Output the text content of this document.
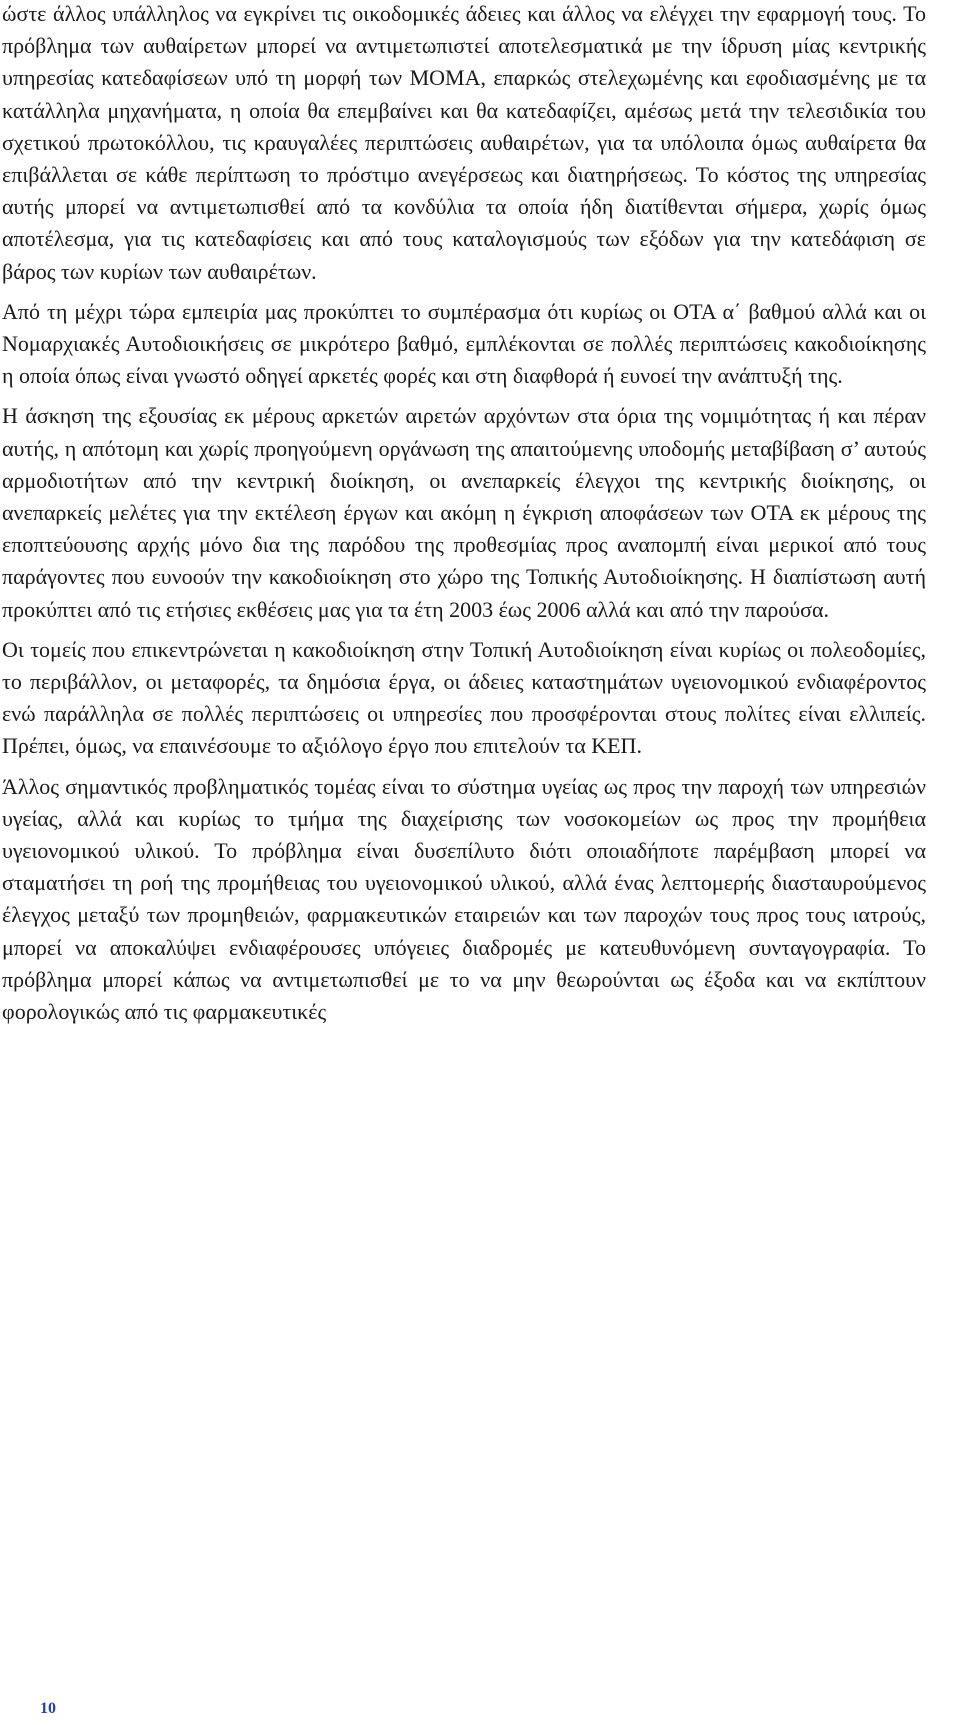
ώστε άλλος υπάλληλος να εγκρίνει τις οικοδομικές άδειες και άλλος να ελέγχει την εφαρμογή τους. Το πρόβλημα των αυθαίρετων μπορεί να αντιμετωπιστεί αποτελεσματικά με την ίδρυση μίας κεντρικής υπηρεσίας κατεδαφίσεων υπό τη μορφή των ΜΟΜΑ, επαρκώς στελεχωμένης και εφοδιασμένης με τα κατάλληλα μηχανήματα, η οποία θα επεμβαίνει και θα κατεδαφίζει, αμέσως μετά την τελεσιδικία του σχετικού πρωτοκόλλου, τις κραυγαλέες περιπτώσεις αυθαιρέτων, για τα υπόλοιπα όμως αυθαίρετα θα επιβάλλεται σε κάθε περίπτωση το πρόστιμο ανεγέρσεως και διατηρήσεως. Το κόστος της υπηρεσίας αυτής μπορεί να αντιμετωπισθεί από τα κονδύλια τα οποία ήδη διατίθενται σήμερα, χωρίς όμως αποτέλεσμα, για τις κατεδαφίσεις και από τους καταλογισμούς των εξόδων για την κατεδάφιση σε βάρος των κυρίων των αυθαιρέτων.

Από τη μέχρι τώρα εμπειρία μας προκύπτει το συμπέρασμα ότι κυρίως οι ΟΤΑ α΄ βαθμού αλλά και οι Νομαρχιακές Αυτοδιοικήσεις σε μικρότερο βαθμό, εμπλέκονται σε πολλές περιπτώσεις κακοδιοίκησης η οποία όπως είναι γνωστό οδηγεί αρκετές φορές και στη διαφθορά ή ευνοεί την ανάπτυξή της.

Η άσκηση της εξουσίας εκ μέρους αρκετών αιρετών αρχόντων στα όρια της νομιμότητας ή και πέραν αυτής, η απότομη και χωρίς προηγούμενη οργάνωση της απαιτούμενης υποδομής μεταβίβαση σ’ αυτούς αρμοδιοτήτων από την κεντρική διοίκηση, οι ανεπαρκείς έλεγχοι της κεντρικής διοίκησης, οι ανεπαρκείς μελέτες για την εκτέλεση έργων και ακόμη η έγκριση αποφάσεων των ΟΤΑ εκ μέρους της εποπτεύουσης αρχής μόνο δια της παρόδου της προθεσμίας προς αναπομπή είναι μερικοί από τους παράγοντες που ευνοούν την κακοδιοίκηση στο χώρο της Τοπικής Αυτοδιοίκησης. Η διαπίστωση αυτή προκύπτει από τις ετήσιες εκθέσεις μας για τα έτη 2003 έως 2006 αλλά και από την παρούσα.

Οι τομείς που επικεντρώνεται η κακοδιοίκηση στην Τοπική Αυτοδιοίκηση είναι κυρίως οι πολεοδομίες, το περιβάλλον, οι μεταφορές, τα δημόσια έργα, οι άδειες καταστημάτων υγειονομικού ενδιαφέροντος ενώ παράλληλα σε πολλές περιπτώσεις οι υπηρεσίες που προσφέρονται στους πολίτες είναι ελλιπείς. Πρέπει, όμως, να επαινέσουμε το αξιόλογο έργο που επιτελούν τα ΚΕΠ.

Άλλος σημαντικός προβληματικός τομέας είναι το σύστημα υγείας ως προς την παροχή των υπηρεσιών υγείας, αλλά και κυρίως το τμήμα της διαχείρισης των νοσοκομείων ως προς την προμήθεια υγειονομικού υλικού. Το πρόβλημα είναι δυσεπίλυτο διότι οποιαδήποτε παρέμβαση μπορεί να σταματήσει τη ροή της προμήθειας του υγειονομικού υλικού, αλλά ένας λεπτομερής διασταυρούμενος έλεγχος μεταξύ των προμηθειών, φαρμακευτικών εταιρειών και των παροχών τους προς τους ιατρούς, μπορεί να αποκαλύψει ενδιαφέρουσες υπόγειες διαδρομές με κατευθυνόμενη συνταγογραφία. Το πρόβλημα μπορεί κάπως να αντιμετωπισθεί με το να μην θεωρούνται ως έξοδα και να εκπίπτουν φορολογικώς από τις φαρμακευτικές

10
